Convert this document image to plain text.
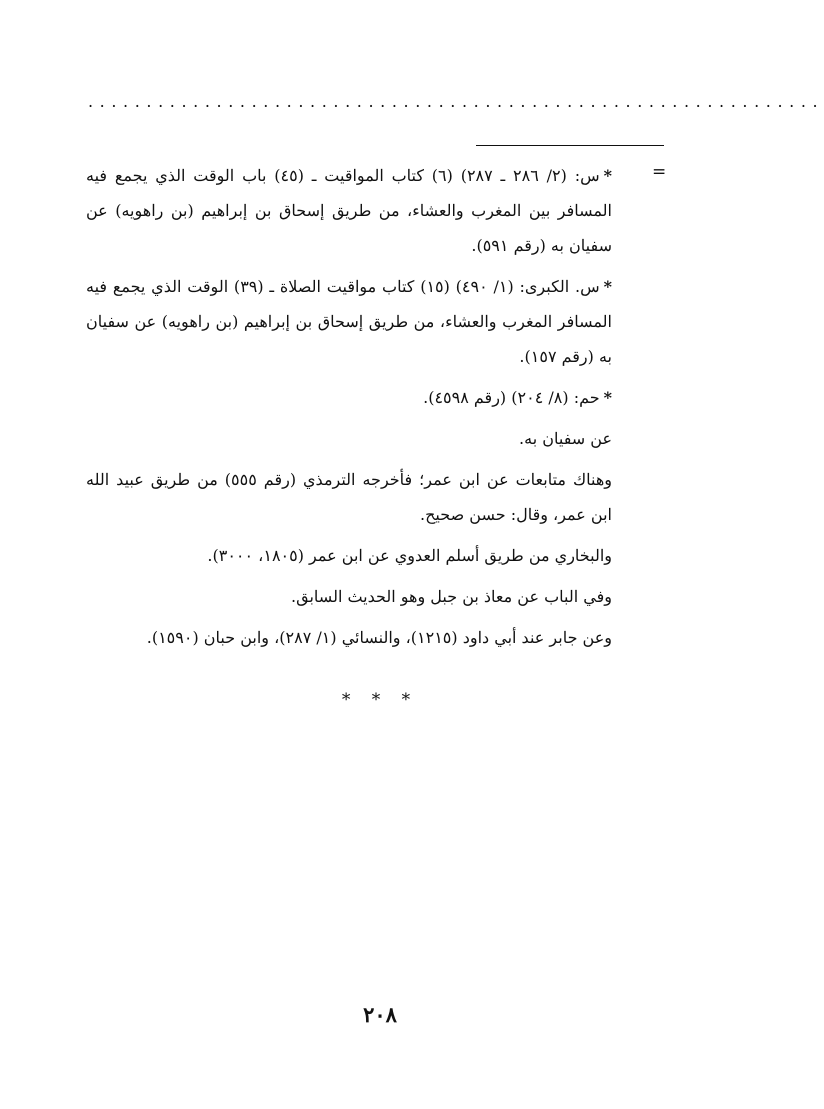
...............................................................
=

*س: (٢/ ٢٨٦ ـ ٢٨٧) (٦) كتاب المواقيت ـ (٤٥) باب الوقت الذي يجمع فيه المسافر بين المغرب والعشاء، من طريق إسحاق بن إبراهيم (بن راهويه) عن سفيان به (رقم ٥٩١).

*س. الكبرى: (١/ ٤٩٠) (١٥) كتاب مواقيت الصلاة ـ (٣٩) الوقت الذي يجمع فيه المسافر المغرب والعشاء، من طريق إسحاق بن إبراهيم (بن راهويه) عن سفيان به (رقم ١٥٧).

*حم: (٨/ ٢٠٤) (رقم ٤٥٩٨).

عن سفيان به.

وهناك متابعات عن ابن عمر؛ فأخرجه الترمذي (رقم ٥٥٥) من طريق عبيد الله ابن عمر، وقال: حسن صحيح.

والبخاري من طريق أسلم العدوي عن ابن عمر (١٨٠٥، ٣٠٠٠).

وفي الباب عن معاذ بن جبل وهو الحديث السابق.

وعن جابر عند أبي داود (١٢١٥)، والنسائي (١/ ٢٨٧)، وابن حبان (١٥٩٠).

* * *
٢٠٨
